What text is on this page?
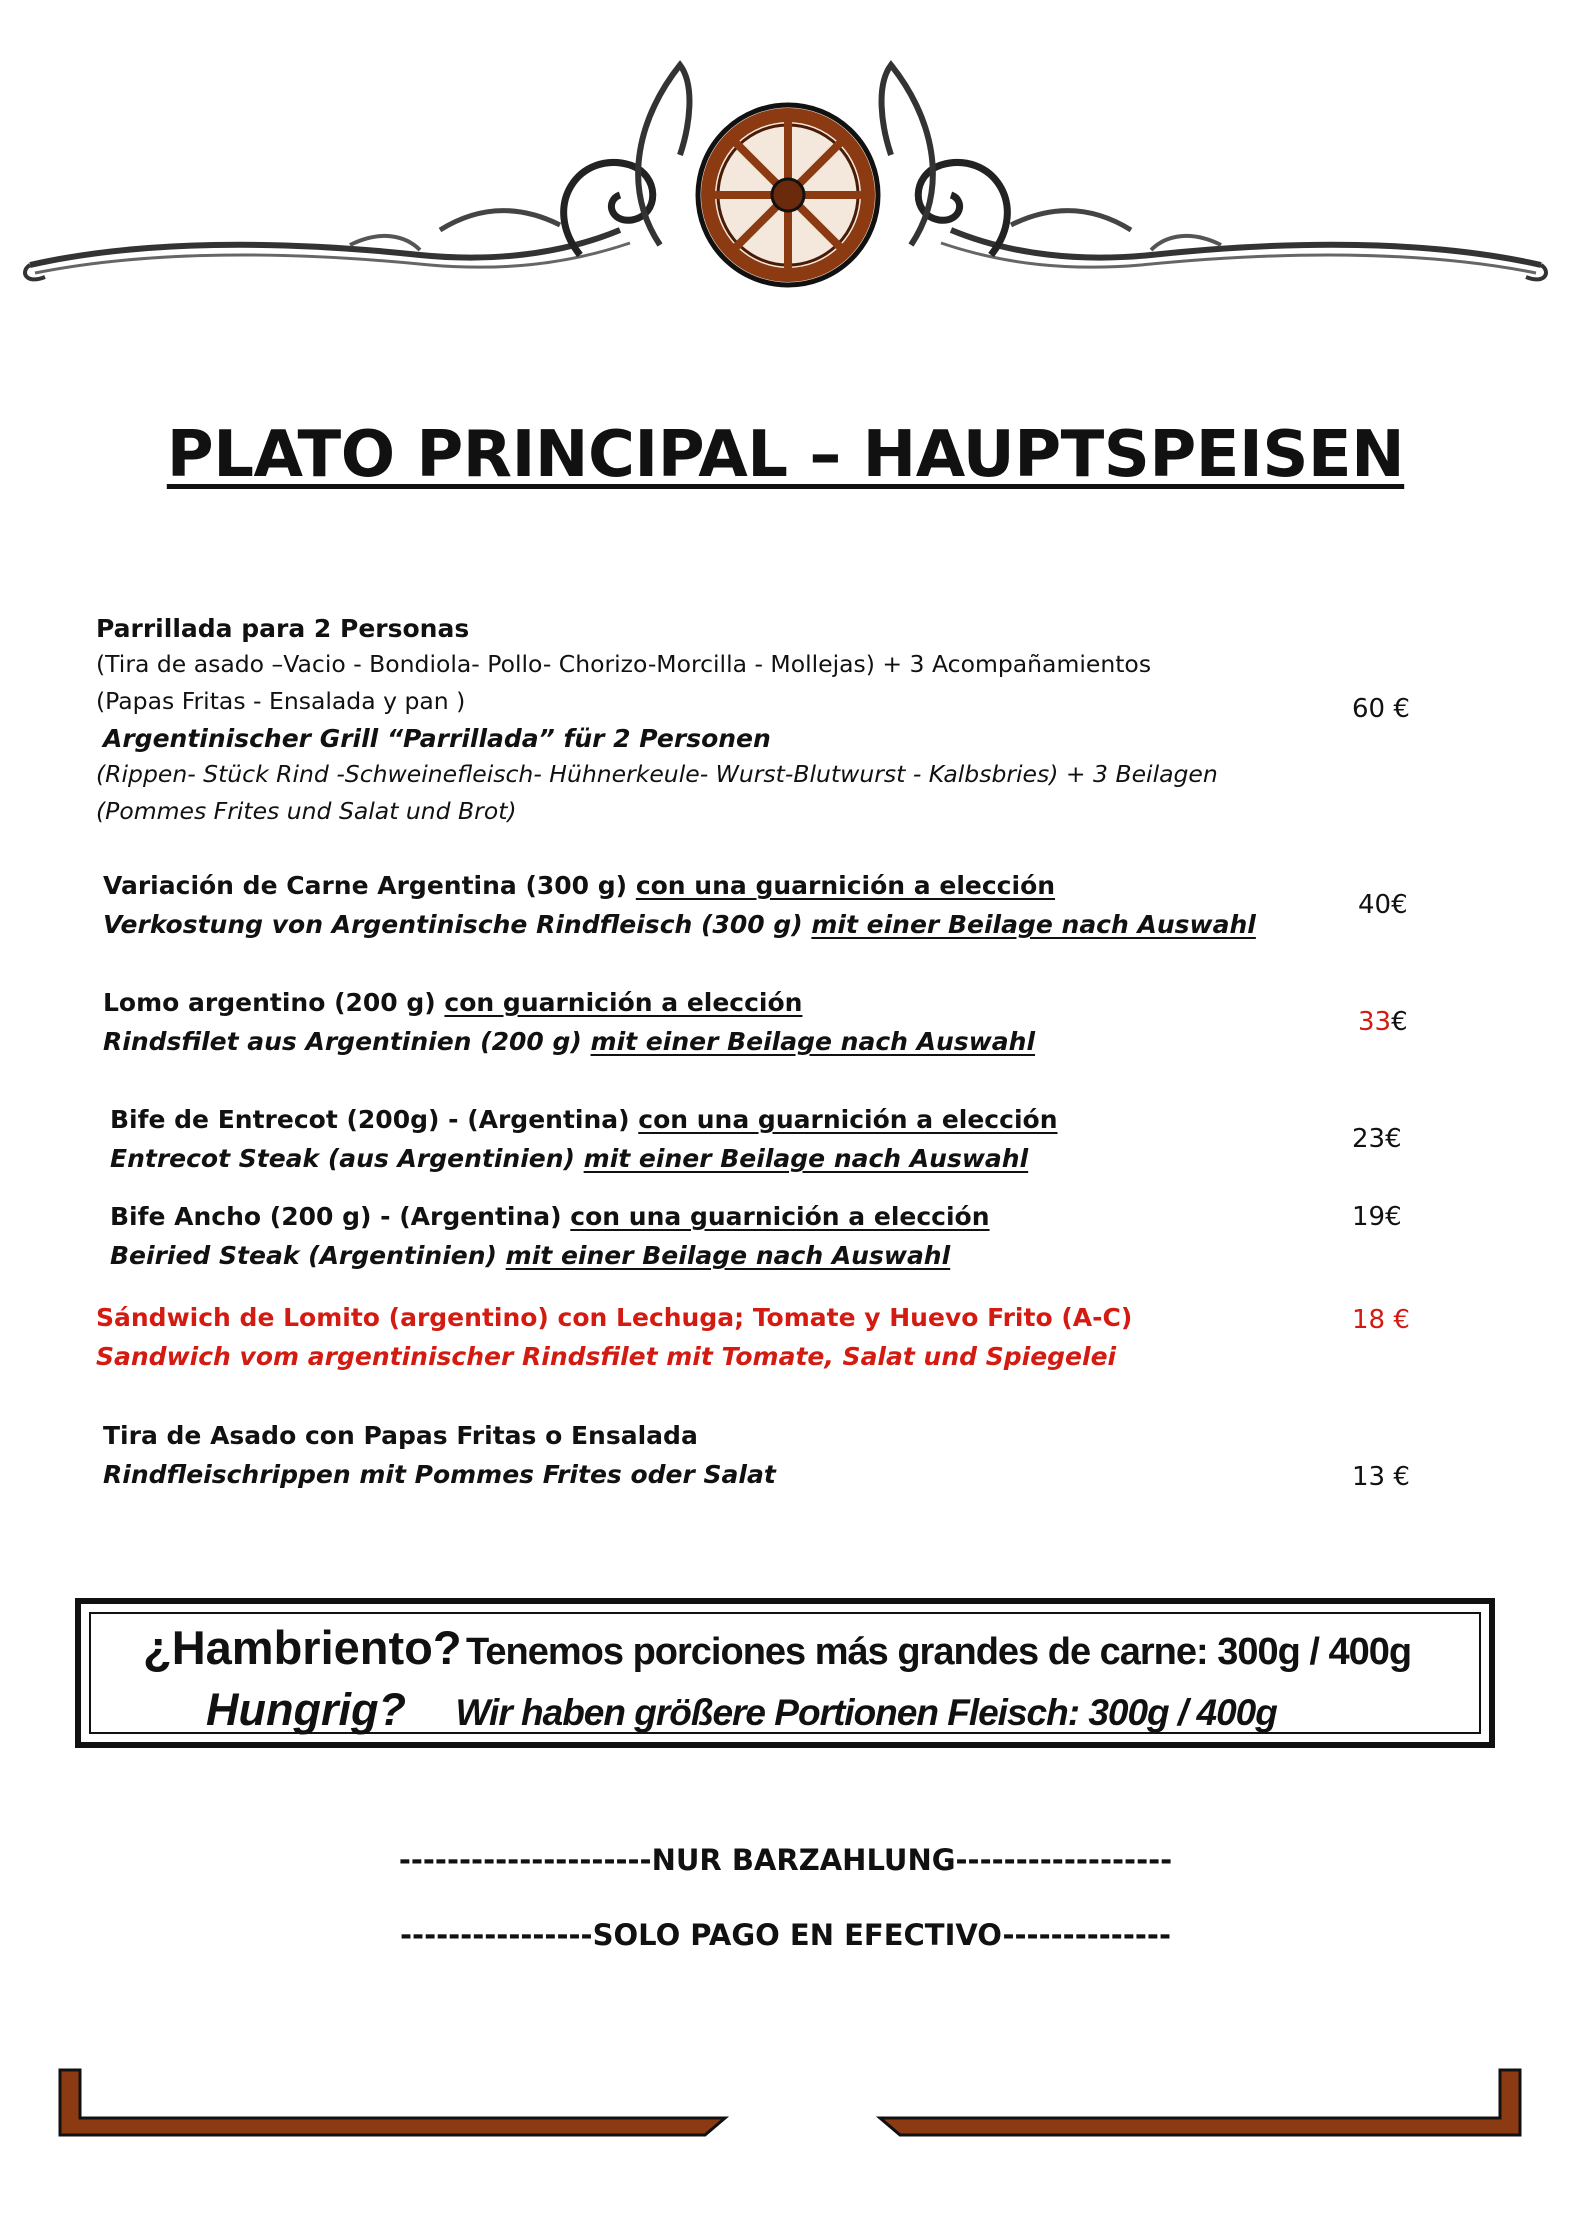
PLATO PRINCIPAL – HAUPTSPEISEN
Parrillada para 2 Personas
(Tira de asado –Vacio - Bondiola- Pollo- Chorizo-Morcilla - Mollejas) + 3 Acompañamientos
(Papas Fritas - Ensalada y pan )
Argentinischer Grill “Parrillada” für 2 Personen
(Rippen- Stück Rind -Schweinefleisch- Hühnerkeule- Wurst-Blutwurst - Kalbsbries) + 3 Beilagen
(Pommes Frites und Salat und Brot)
60 €
Variación de Carne Argentina (300 g) con una guarnición a elección
Verkostung von Argentinische Rindfleisch (300 g) mit einer Beilage nach Auswahl
40€
Lomo argentino (200 g) con guarnición a elección
Rindsfilet aus Argentinien (200 g) mit einer Beilage nach Auswahl
33€
Bife de Entrecot (200g) - (Argentina) con una guarnición a elección
Entrecot Steak (aus Argentinien) mit einer Beilage nach Auswahl
23€
Bife Ancho (200 g) - (Argentina) con una guarnición a elección
Beiried Steak (Argentinien) mit einer Beilage nach Auswahl
19€
Sándwich de Lomito (argentino) con Lechuga; Tomate y Huevo Frito (A-C)
Sandwich vom argentinischer Rindsfilet mit Tomate, Salat und Spiegelei
18 €
Tira de Asado con Papas Fritas o Ensalada
Rindfleischrippen mit Pommes Frites oder Salat	13 €
¿Hambriento? Tenemos porciones más grandes de carne: 300g / 400g
Hungrig? Wir haben größere Portionen Fleisch: 300g / 400g
---------------------NUR BARZAHLUNG------------------
----------------SOLO PAGO EN EFECTIVO--------------
